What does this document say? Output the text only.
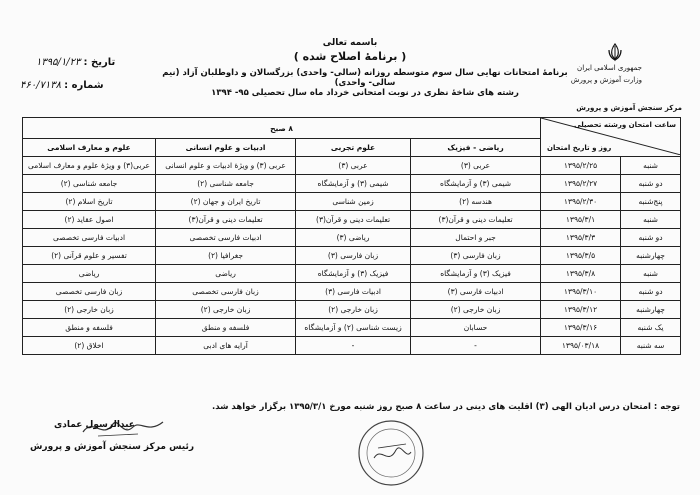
جمهوری اسلامی ایران
وزارت آموزش و پرورش
مرکز سنجش آموزش و پرورش
باسمه تعالی
( برنامهٔ اصلاح شده )
برنامهٔ امتحانات نهایی سال سوم متوسطه روزانه (سالی- واحدی) بزرگسالان و داوطلبان آزاد (نیم سالی- واحدی)
رشته های شاخهٔ نظری در نوبت امتحانی خرداد ماه سال تحصیلی ۹۵- ۱۳۹۴
تاریخ : ۱۳۹۵/۱/۲۳
شماره : ۴۶۰/۷۱۳۸
ساعت امتحان ورشته تحصیلی
روز و تاریخ امتحان		۸ صبح			
		ریاضی - فیزیک	علوم تجربی	ادبیات و علوم انسانی	علوم و معارف اسلامی
شنبه	۱۳۹۵/۲/۲۵	عربی (۳)	عربی (۳)	عربی (۳) و ویژهٔ ادبیات و علوم انسانی	عربی(۳) و ویژهٔ علوم و معارف اسلامی
دو شنبه	۱۳۹۵/۲/۲۷	شیمی (۳) و آزمایشگاه	شیمی (۳) و آزمایشگاه	جامعه شناسی (۲)	جامعه شناسی (۲)
پنج‌شنبه	۱۳۹۵/۲/۳۰	هندسه (۲)	زمین شناسی	تاریخ ایران و جهان (۲)	تاریخ اسلام (۲)
شنبه	۱۳۹۵/۳/۱	تعلیمات دینی و قرآن(۳)	تعلیمات دینی و قرآن(۳)	تعلیمات دینی و قرآن(۳)	اصول عقاید (۲)
دو شنبه	۱۳۹۵/۳/۳	جبر و احتمال	ریاضی (۳)	ادبیات فارسی تخصصی	ادبیات فارسی تخصصی
چهارشنبه	۱۳۹۵/۳/۵	زبان فارسی (۳)	زبان فارسی (۳)	جغرافیا (۲)	تفسیر و علوم قرآنی (۲)
شنبه	۱۳۹۵/۳/۸	فیزیک (۳) و آزمایشگاه	فیزیک (۳) و آزمایشگاه	ریاضی	ریاضی
دو شنبه	۱۳۹۵/۳/۱۰	ادبیات فارسی (۳)	ادبیات فارسی (۳)	زبان فارسی تخصصی	زبان فارسی تخصصی
چهارشنبه	۱۳۹۵/۳/۱۲	زبان خارجی (۲)	زبان خارجی (۲)	زبان خارجی (۲)	زبان خارجی (۲)
یک شنبه	۱۳۹۵/۳/۱۶	حسابان	زیست شناسی (۲) و آزمایشگاه	فلسفه و منطق	فلسفه و منطق
سه شنبه	۱۳۹۵/۰۳/۱۸	-	-	آرایه های ادبی	اخلاق (۲)
توجه : امتحان درس ادیان الهی (۳) اقلیت های دینی در ساعت ۸ صبح روز شنبه مورخ ۱۳۹۵/۳/۱ برگزار خواهد شد.
عبدالرسول عمادی
رئیس مرکز سنجش آموزش و پرورش
